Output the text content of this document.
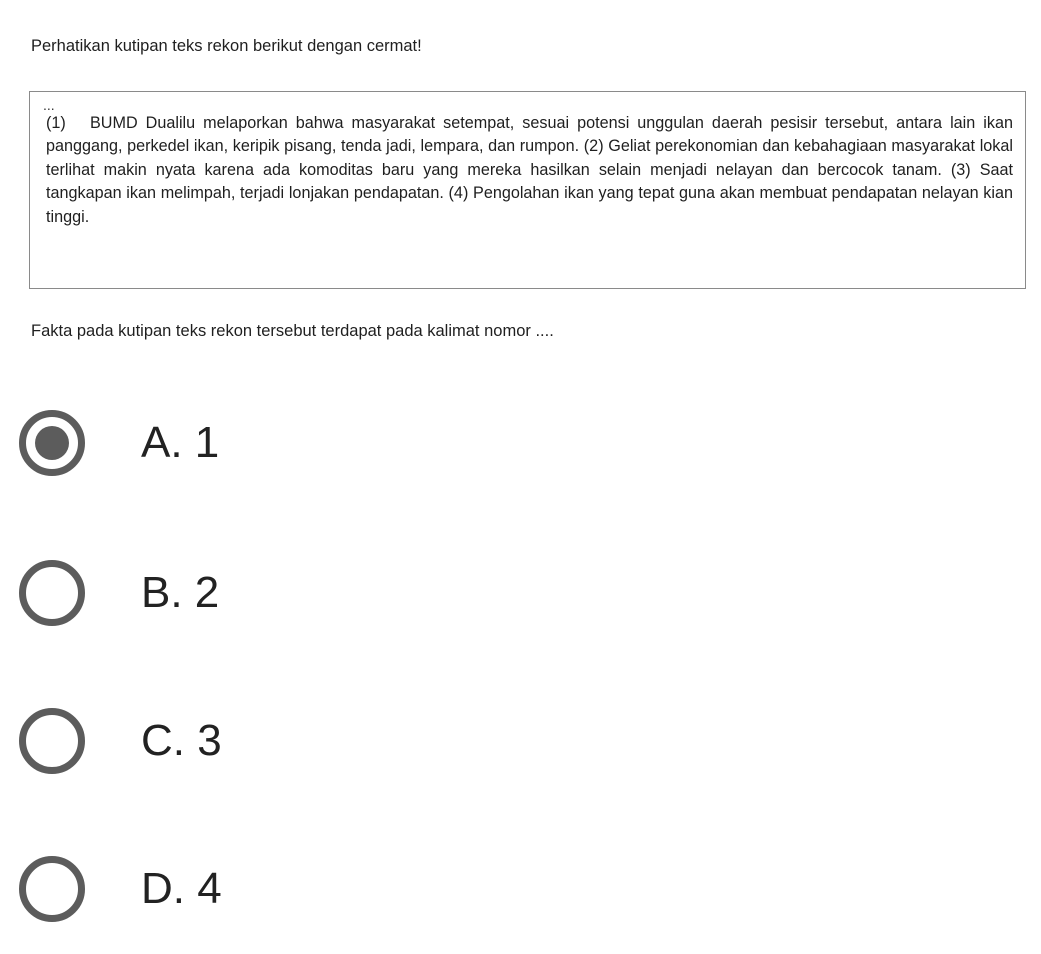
Perhatikan kutipan teks rekon berikut dengan cermat!
...

(1)  BUMD Dualilu melaporkan bahwa masyarakat setempat, sesuai potensi unggulan daerah pesisir tersebut, antara lain ikan panggang, perkedel ikan, keripik pisang, tenda jadi, lempara, dan rumpon. (2) Geliat perekonomian dan kebahagiaan masyarakat lokal terlihat makin nyata karena ada komoditas baru yang mereka hasilkan selain menjadi nelayan dan bercocok tanam. (3) Saat tangkapan ikan melimpah, terjadi lonjakan pendapatan. (4) Pengolahan ikan yang tepat guna akan membuat pendapatan nelayan kian tinggi.

Fakta pada kutipan teks rekon tersebut terdapat pada kalimat nomor ....
A. 1
B. 2
C. 3
D. 4
